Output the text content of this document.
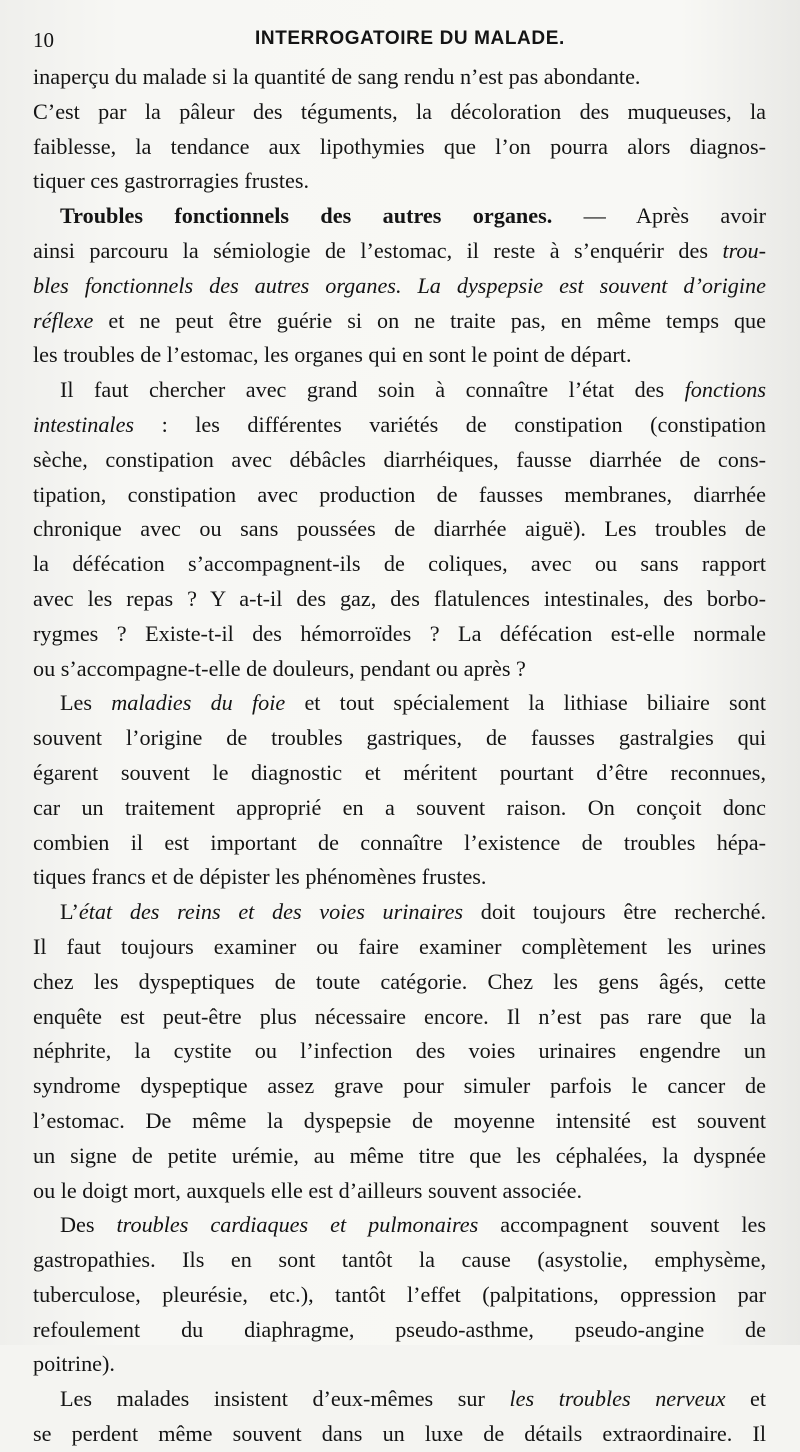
10	INTERROGATOIRE DU MALADE.
inaperçu du malade si la quantité de sang rendu n’est pas abondante.
C’est par la pâleur des téguments, la décoloration des muqueuses, la
faiblesse, la tendance aux lipothymies que l’on pourra alors diagnos-
tiquer ces gastrorragies frustes.
Troubles fonctionnels des autres organes. — Après avoir
ainsi parcouru la sémiologie de l’estomac, il reste à s’enquérir des trou-
bles fonctionnels des autres organes. La dyspepsie est souvent d’origine
réflexe et ne peut être guérie si on ne traite pas, en même temps que
les troubles de l’estomac, les organes qui en sont le point de départ.
Il faut chercher avec grand soin à connaître l’état des fonctions
intestinales : les différentes variétés de constipation (constipation
sèche, constipation avec débâcles diarrhéiques, fausse diarrhée de cons-
tipation, constipation avec production de fausses membranes, diarrhée
chronique avec ou sans poussées de diarrhée aiguë). Les troubles de
la défécation s’accompagnent-ils de coliques, avec ou sans rapport
avec les repas ? Y a-t-il des gaz, des flatulences intestinales, des borbo-
rygmes ? Existe-t-il des hémorroïdes ? La défécation est-elle normale
ou s’accompagne-t-elle de douleurs, pendant ou après ?
Les maladies du foie et tout spécialement la lithiase biliaire sont
souvent l’origine de troubles gastriques, de fausses gastralgies qui
égarent souvent le diagnostic et méritent pourtant d’être reconnues,
car un traitement approprié en a souvent raison. On conçoit donc
combien il est important de connaître l’existence de troubles hépa-
tiques francs et de dépister les phénomènes frustes.
L’état des reins et des voies urinaires doit toujours être recherché.
Il faut toujours examiner ou faire examiner complètement les urines
chez les dyspeptiques de toute catégorie. Chez les gens âgés, cette
enquête est peut-être plus nécessaire encore. Il n’est pas rare que la
néphrite, la cystite ou l’infection des voies urinaires engendre un
syndrome dyspeptique assez grave pour simuler parfois le cancer de
l’estomac. De même la dyspepsie de moyenne intensité est souvent
un signe de petite urémie, au même titre que les céphalées, la dyspnée
ou le doigt mort, auxquels elle est d’ailleurs souvent associée.
Des troubles cardiaques et pulmonaires accompagnent souvent les
gastropathies. Ils en sont tantôt la cause (asystolie, emphysème,
tuberculose, pleurésie, etc.), tantôt l’effet (palpitations, oppression par
refoulement du diaphragme, pseudo-asthme, pseudo-angine de
poitrine).
Les malades insistent d’eux-mêmes sur les troubles nerveux et
se perdent même souvent dans un luxe de détails extraordinaire. Il
